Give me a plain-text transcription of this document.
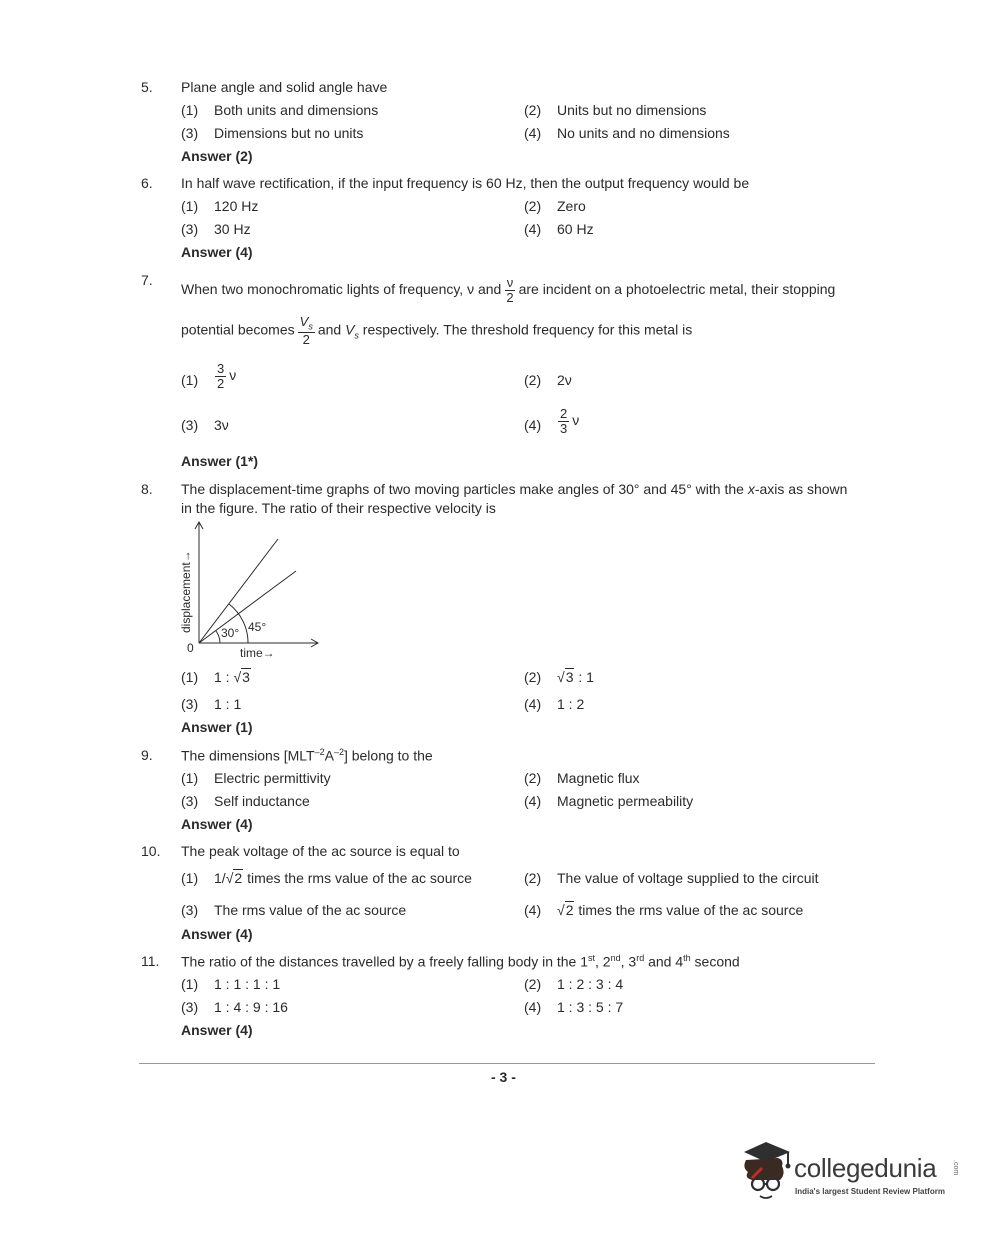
5. Plane angle and solid angle have
(1) Both units and dimensions	(2) Units but no dimensions
(3) Dimensions but no units	(4) No units and no dimensions
Answer (2)
6. In half wave rectification, if the input frequency is 60 Hz, then the output frequency would be
(1) 120 Hz	(2) Zero
(3) 30 Hz	(4) 60 Hz
Answer (4)
7.
When two monochromatic lights of frequency, ν and $\frac{\nu}{2}$ are incident on a photoelectric metal, their stopping
potential becomes $\frac{V_s}{2}$ and $V_s$ respectively. The threshold frequency for this metal is
$(1) \frac{3}{2}$ ν	(2) 2ν
(3) 3ν	$(4) \frac{2}{3}$ ν
Answer (1*)
8. The displacement-time graphs of two moving particles make angles of 30° and 45° with the x-axis as shown
in the figure. The ratio of their respective velocity is
30° 45°
0	time→
displacement→
(1) 1 : √3	(2) √3 : 1
(3) 1 : 1	(4) 1 : 2
Answer (1)
9. The dimensions $[MLT^{-2}A^{-2}]$ belong to the
(1) Electric permittivity	(2) Magnetic flux
(3) Self inductance	(4) Magnetic permeability
Answer (4)
10. The peak voltage of the ac source is equal to
(1) 1/√2 times the rms value of the ac source	(2) The value of voltage supplied to the circuit
(3) The rms value of the ac source	(4) √2 times the rms value of the ac source
Answer (4)
11. The ratio of the distances travelled by a freely falling body in the 1st, 2nd, 3rd and 4th second
(1) 1 : 1 : 1 : 1	(2) 1 : 2 : 3 : 4
(3) 1 : 4 : 9 : 16	(4) 1 : 3 : 5 : 7
Answer (4)
- 3 -
collegedunia .com
India's largest Student Review Platform
